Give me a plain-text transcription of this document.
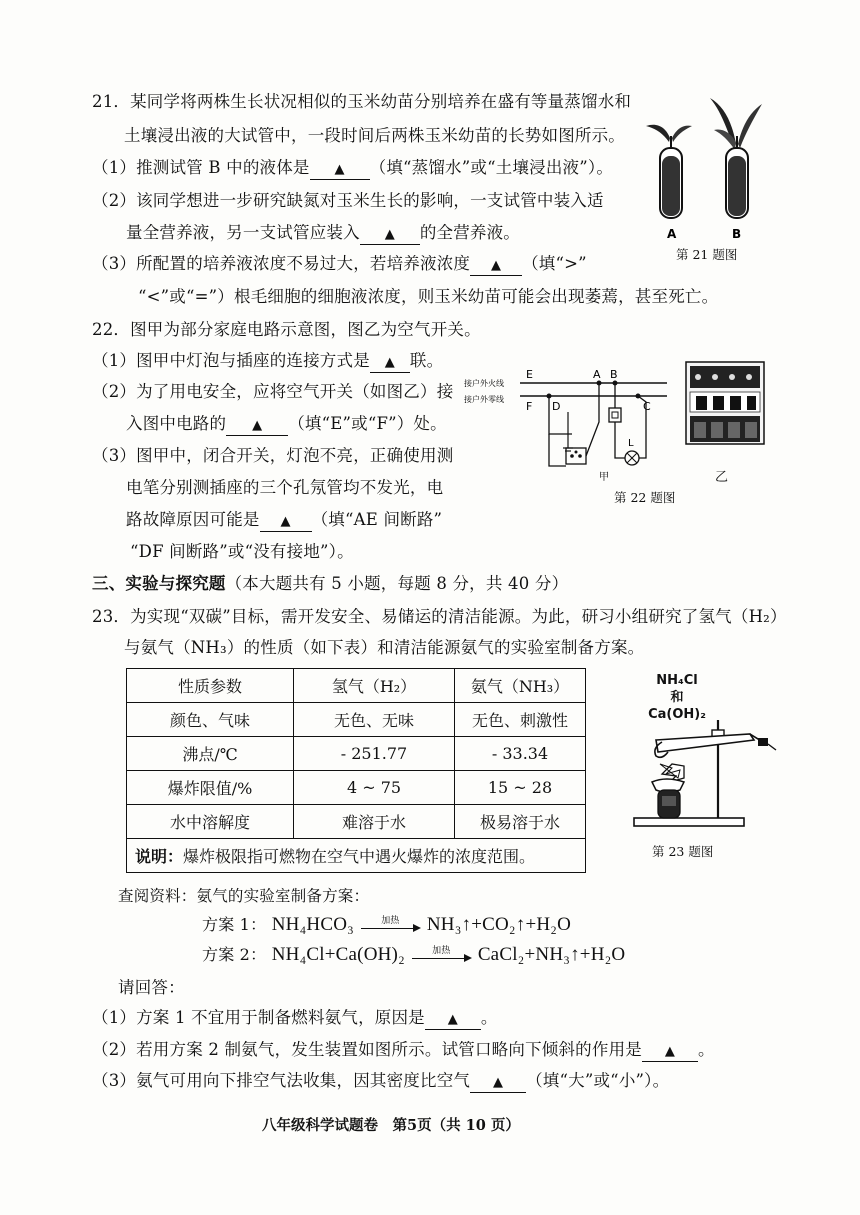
21．某同学将两株生长状况相似的玉米幼苗分别培养在盛有等量蒸馏水和
土壤浸出液的大试管中，一段时间后两株玉米幼苗的长势如图所示。
（1）推测试管 B 中的液体是 ▲ （填“蒸馏水”或“土壤浸出液”）。
（2）该同学想进一步研究缺氮对玉米生长的影响，一支试管中装入适
量全营养液，另一支试管应装入 ▲ 的全营养液。
（3）所配置的培养液浓度不易过大，若培养液浓度 ▲ （填“>”
“<”或“=”）根毛细胞的细胞液浓度，则玉米幼苗可能会出现萎蔫，甚至死亡。
A	B
第 21 题图
22．图甲为部分家庭电路示意图，图乙为空气开关。
（1）图甲中灯泡与插座的连接方式是 ▲ 联。
（2）为了用电安全，应将空气开关（如图乙）接
入图中电路的 ▲ （填“E”或“F”）处。
（3）图甲中，闭合开关，灯泡不亮，正确使用测
电笔分别测插座的三个孔氖管均不发光，电
路故障原因可能是 ▲ （填“AE 间断路”
“DF 间断路”或“没有接地”）。
接户外火线
接户外零线
E
F
A B
D	C
L
甲	乙
第 22 题图
三、实验与探究题（本大题共有 5 小题，每题 8 分，共 40 分）
23．为实现“双碳”目标，需开发安全、易储运的清洁能源。为此，研习小组研究了氢气（H₂）
与氨气（NH₃）的性质（如下表）和清洁能源氨气的实验室制备方案。
性质参数	氢气（H₂）	氨气（NH₃）
颜色、气味	无色、无味	无色、刺激性
沸点/℃	- 251.77	- 33.34
爆炸限值/%	4 ~ 75	15 ~ 28
水中溶解度	难溶于水	极易溶于水
说明：爆炸极限指可燃物在空气中遇火爆炸的浓度范围。		
NH₄Cl
和
Ca(OH)₂
第 23 题图
查阅资料：氨气的实验室制备方案：
方案 1： NH₄HCO₃	加热	NH₃↑+CO₂↑+H₂O
方案 2： NH₄Cl+Ca(OH)₂	加热	CaCl₂+NH₃↑+H₂O
请回答：
（1）方案 1 不宜用于制备燃料氨气，原因是 ▲ 。
（2）若用方案 2 制氨气，发生装置如图所示。试管口略向下倾斜的作用是 ▲ 。
（3）氨气可用向下排空气法收集，因其密度比空气 ▲ （填“大”或“小”）。
八年级科学试题卷　第5页（共 10 页）
